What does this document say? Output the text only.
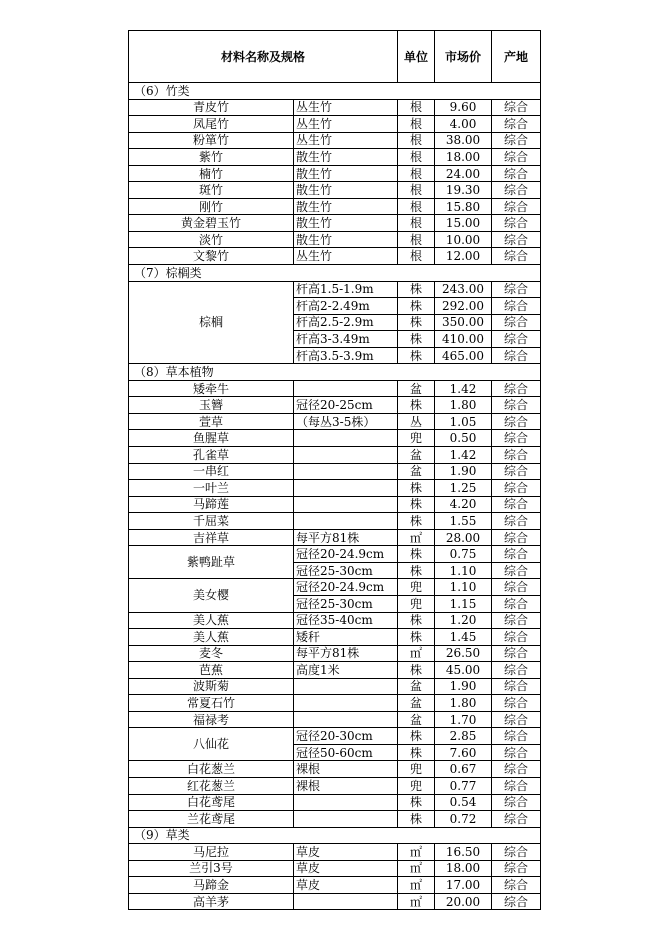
材料名称及规格		单位	市场价	产地
（6）竹类				
青皮竹	丛生竹	根	9.60	综合
凤尾竹	丛生竹	根	4.00	综合
粉箪竹	丛生竹	根	38.00	综合
紫竹	散生竹	根	18.00	综合
楠竹	散生竹	根	24.00	综合
斑竹	散生竹	根	19.30	综合
刚竹	散生竹	根	15.80	综合
黄金碧玉竹	散生竹	根	15.00	综合
淡竹	散生竹	根	10.00	综合
文黎竹	丛生竹	根	12.00	综合
（7）棕榈类				
棕榈	杆高1.5-1.9m	株	243.00	综合
	杆高2-2.49m	株	292.00	综合
	杆高2.5-2.9m	株	350.00	综合
	杆高3-3.49m	株	410.00	综合
	杆高3.5-3.9m	株	465.00	综合
（8）草本植物				
矮牵牛		盆	1.42	综合
玉簪	冠径20-25cm	株	1.80	综合
萱草	（每丛3-5株）	丛	1.05	综合
鱼腥草		兜	0.50	综合
孔雀草		盆	1.42	综合
一串红		盆	1.90	综合
一叶兰		株	1.25	综合
马蹄莲		株	4.20	综合
千屈菜		株	1.55	综合
吉祥草	每平方81株	㎡	28.00	综合
紫鸭趾草	冠径20-24.9cm	株	0.75	综合
	冠径25-30cm	株	1.10	综合
美女樱	冠径20-24.9cm	兜	1.10	综合
	冠径25-30cm	兜	1.15	综合
美人蕉	冠径35-40cm	株	1.20	综合
美人蕉	矮秆	株	1.45	综合
麦冬	每平方81株	㎡	26.50	综合
芭蕉	高度1米	株	45.00	综合
波斯菊		盆	1.90	综合
常夏石竹		盆	1.80	综合
福禄考		盆	1.70	综合
八仙花	冠径20-30cm	株	2.85	综合
	冠径50-60cm	株	7.60	综合
白花葱兰	裸根	兜	0.67	综合
红花葱兰	裸根	兜	0.77	综合
白花鸢尾		株	0.54	综合
兰花鸢尾		株	0.72	综合
（9）草类				
马尼拉	草皮	㎡	16.50	综合
兰引3号	草皮	㎡	18.00	综合
马蹄金	草皮	㎡	17.00	综合
高羊茅		㎡	20.00	综合
